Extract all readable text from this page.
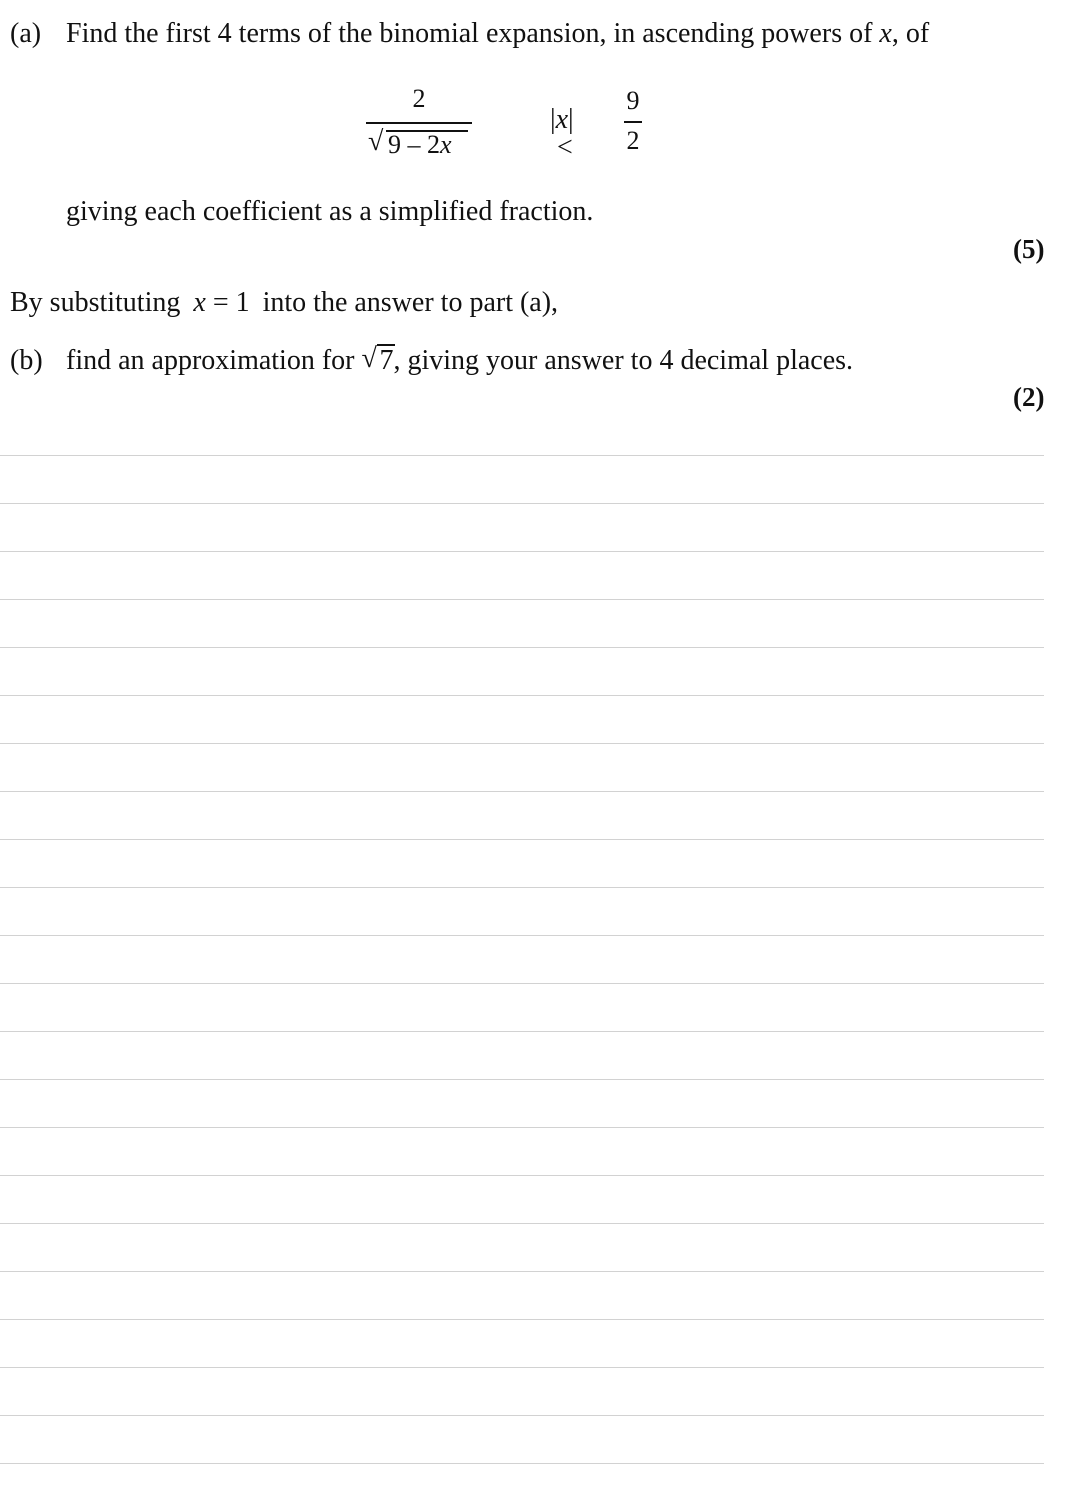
(a) Find the first 4 terms of the binomial expansion, in ascending powers of x, of
2
√ 9 – 2x
|x| <
9
2
giving each coefficient as a simplified fraction.
(5)
By substituting x = 1 into the answer to part (a),
(b) find an approximation for √ 7, giving your answer to 4 decimal places.
(2)
